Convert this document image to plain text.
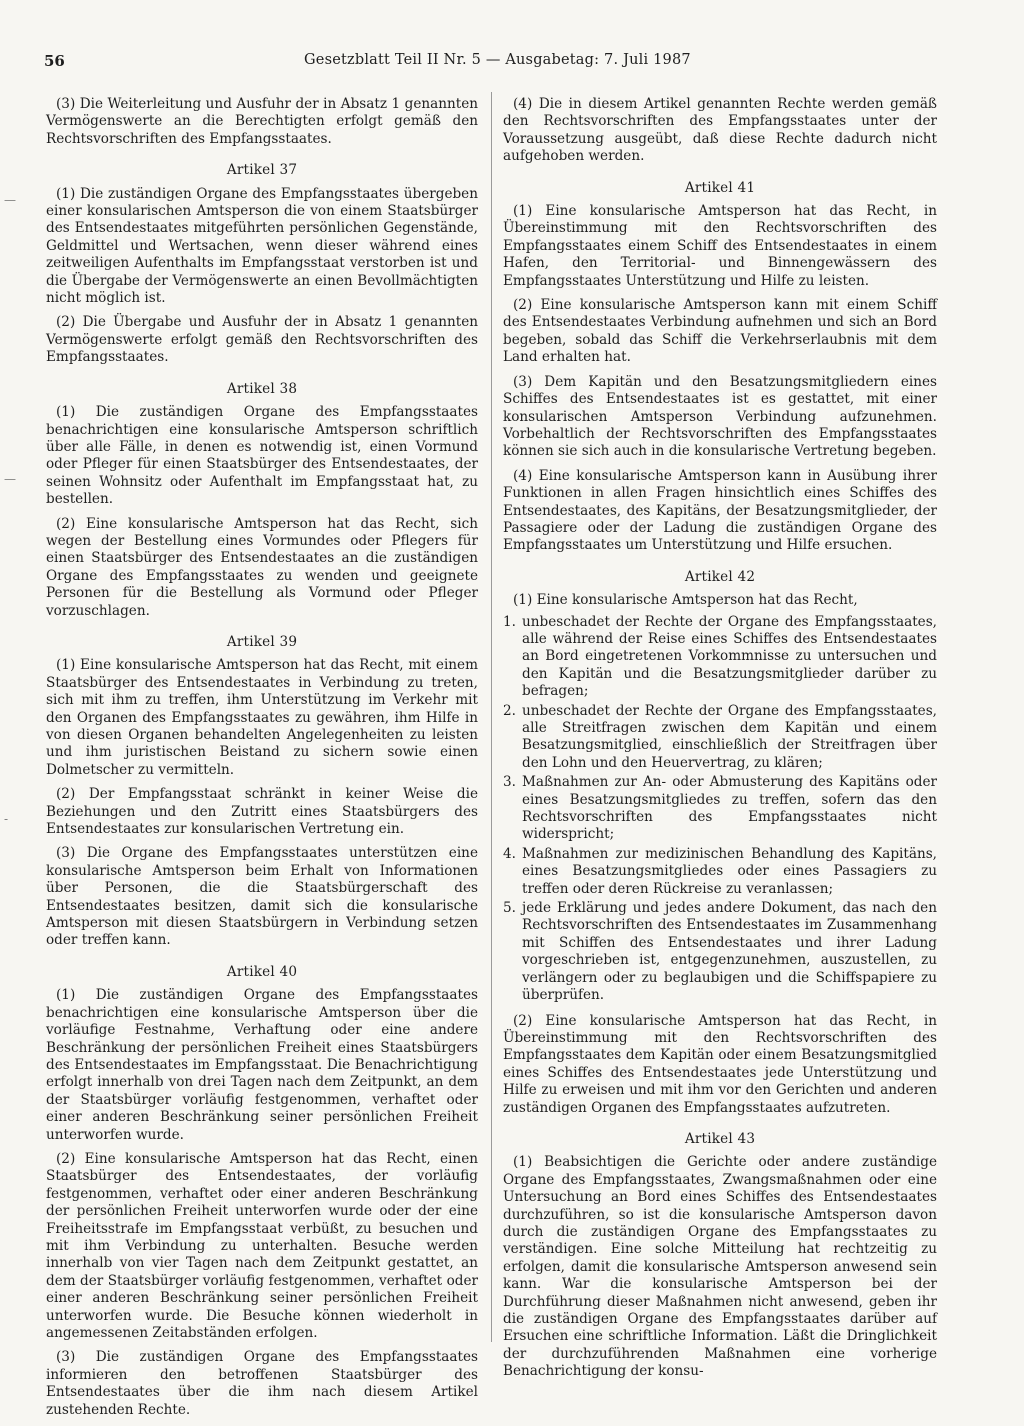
56	Gesetzblatt Teil II Nr. 5 — Ausgabetag: 7. Juli 1987
—
—
-

(3) Die Weiterleitung und Ausfuhr der in Absatz 1 genannten Vermögenswerte an die Berechtigten erfolgt gemäß den Rechtsvorschriften des Empfangsstaates.

Artikel 37

(1) Die zuständigen Organe des Empfangsstaates übergeben einer konsularischen Amtsperson die von einem Staatsbürger des Entsendestaates mitgeführten persönlichen Gegenstände, Geldmittel und Wertsachen, wenn dieser während eines zeitweiligen Aufenthalts im Empfangsstaat verstorben ist und die Übergabe der Vermögenswerte an einen Bevollmächtigten nicht möglich ist.

(2) Die Übergabe und Ausfuhr der in Absatz 1 genannten Vermögenswerte erfolgt gemäß den Rechtsvorschriften des Empfangsstaates.

Artikel 38

(1) Die zuständigen Organe des Empfangsstaates benachrichtigen eine konsularische Amtsperson schriftlich über alle Fälle, in denen es notwendig ist, einen Vormund oder Pfleger für einen Staatsbürger des Entsendestaates, der seinen Wohnsitz oder Aufenthalt im Empfangsstaat hat, zu bestellen.

(2) Eine konsularische Amtsperson hat das Recht, sich wegen der Bestellung eines Vormundes oder Pflegers für einen Staatsbürger des Entsendestaates an die zuständigen Organe des Empfangsstaates zu wenden und geeignete Personen für die Bestellung als Vormund oder Pfleger vorzuschlagen.

Artikel 39

(1) Eine konsularische Amtsperson hat das Recht, mit einem Staatsbürger des Entsendestaates in Verbindung zu treten, sich mit ihm zu treffen, ihm Unterstützung im Verkehr mit den Organen des Empfangsstaates zu gewähren, ihm Hilfe in von diesen Organen behandelten Angelegenheiten zu leisten und ihm juristischen Beistand zu sichern sowie einen Dolmetscher zu vermitteln.

(2) Der Empfangsstaat schränkt in keiner Weise die Beziehungen und den Zutritt eines Staatsbürgers des Entsendestaates zur konsularischen Vertretung ein.

(3) Die Organe des Empfangsstaates unterstützen eine konsularische Amtsperson beim Erhalt von Informationen über Personen, die die Staatsbürgerschaft des Entsendestaates besitzen, damit sich die konsularische Amtsperson mit diesen Staatsbürgern in Verbindung setzen oder treffen kann.

Artikel 40

(1) Die zuständigen Organe des Empfangsstaates benachrichtigen eine konsularische Amtsperson über die vorläufige Festnahme, Verhaftung oder eine andere Beschränkung der persönlichen Freiheit eines Staatsbürgers des Entsendestaates im Empfangsstaat. Die Benachrichtigung erfolgt innerhalb von drei Tagen nach dem Zeitpunkt, an dem der Staatsbürger vorläufig festgenommen, verhaftet oder einer anderen Beschränkung seiner persönlichen Freiheit unterworfen wurde.

(2) Eine konsularische Amtsperson hat das Recht, einen Staatsbürger des Entsendestaates, der vorläufig festgenommen, verhaftet oder einer anderen Beschränkung der persönlichen Freiheit unterworfen wurde oder der eine Freiheitsstrafe im Empfangsstaat verbüßt, zu besuchen und mit ihm Verbindung zu unterhalten. Besuche werden innerhalb von vier Tagen nach dem Zeitpunkt gestattet, an dem der Staatsbürger vorläufig festgenommen, verhaftet oder einer anderen Beschränkung seiner persönlichen Freiheit unterworfen wurde. Die Besuche können wiederholt in angemessenen Zeitabständen erfolgen.

(3) Die zuständigen Organe des Empfangsstaates informieren den betroffenen Staatsbürger des Entsendestaates über die ihm nach diesem Artikel zustehenden Rechte.

(4) Die in diesem Artikel genannten Rechte werden gemäß den Rechtsvorschriften des Empfangsstaates unter der Voraussetzung ausgeübt, daß diese Rechte dadurch nicht aufgehoben werden.

Artikel 41

(1) Eine konsularische Amtsperson hat das Recht, in Übereinstimmung mit den Rechtsvorschriften des Empfangsstaates einem Schiff des Entsendestaates in einem Hafen, den Territorial- und Binnengewässern des Empfangsstaates Unterstützung und Hilfe zu leisten.

(2) Eine konsularische Amtsperson kann mit einem Schiff des Entsendestaates Verbindung aufnehmen und sich an Bord begeben, sobald das Schiff die Verkehrserlaubnis mit dem Land erhalten hat.

(3) Dem Kapitän und den Besatzungsmitgliedern eines Schiffes des Entsendestaates ist es gestattet, mit einer konsularischen Amtsperson Verbindung aufzunehmen. Vorbehaltlich der Rechtsvorschriften des Empfangsstaates können sie sich auch in die konsularische Vertretung begeben.

(4) Eine konsularische Amtsperson kann in Ausübung ihrer Funktionen in allen Fragen hinsichtlich eines Schiffes des Entsendestaates, des Kapitäns, der Besatzungsmitglieder, der Passagiere oder der Ladung die zuständigen Organe des Empfangsstaates um Unterstützung und Hilfe ersuchen.

Artikel 42

(1) Eine konsularische Amtsperson hat das Recht,

1. unbeschadet der Rechte der Organe des Empfangsstaates, alle während der Reise eines Schiffes des Entsendestaates an Bord eingetretenen Vorkommnisse zu untersuchen und den Kapitän und die Besatzungsmitglieder darüber zu befragen;
2. unbeschadet der Rechte der Organe des Empfangsstaates, alle Streitfragen zwischen dem Kapitän und einem Besatzungsmitglied, einschließlich der Streitfragen über den Lohn und den Heuervertrag, zu klären;
3. Maßnahmen zur An- oder Abmusterung des Kapitäns oder eines Besatzungsmitgliedes zu treffen, sofern das den Rechtsvorschriften des Empfangsstaates nicht widerspricht;
4. Maßnahmen zur medizinischen Behandlung des Kapitäns, eines Besatzungsmitgliedes oder eines Passagiers zu treffen oder deren Rückreise zu veranlassen;
5. jede Erklärung und jedes andere Dokument, das nach den Rechtsvorschriften des Entsendestaates im Zusammenhang mit Schiffen des Entsendestaates und ihrer Ladung vorgeschrieben ist, entgegenzunehmen, auszustellen, zu verlängern oder zu beglaubigen und die Schiffspapiere zu überprüfen.

(2) Eine konsularische Amtsperson hat das Recht, in Übereinstimmung mit den Rechtsvorschriften des Empfangsstaates dem Kapitän oder einem Besatzungsmitglied eines Schiffes des Entsendestaates jede Unterstützung und Hilfe zu erweisen und mit ihm vor den Gerichten und anderen zuständigen Organen des Empfangsstaates aufzutreten.

Artikel 43

(1) Beabsichtigen die Gerichte oder andere zuständige Organe des Empfangsstaates, Zwangsmaßnahmen oder eine Untersuchung an Bord eines Schiffes des Entsendestaates durchzuführen, so ist die konsularische Amtsperson davon durch die zuständigen Organe des Empfangsstaates zu verständigen. Eine solche Mitteilung hat rechtzeitig zu erfolgen, damit die konsularische Amtsperson anwesend sein kann. War die konsularische Amtsperson bei der Durchführung dieser Maßnahmen nicht anwesend, geben ihr die zuständigen Organe des Empfangsstaates darüber auf Ersuchen eine schriftliche Information. Läßt die Dringlichkeit der durchzuführenden Maßnahmen eine vorherige Benachrichtigung der konsu-
